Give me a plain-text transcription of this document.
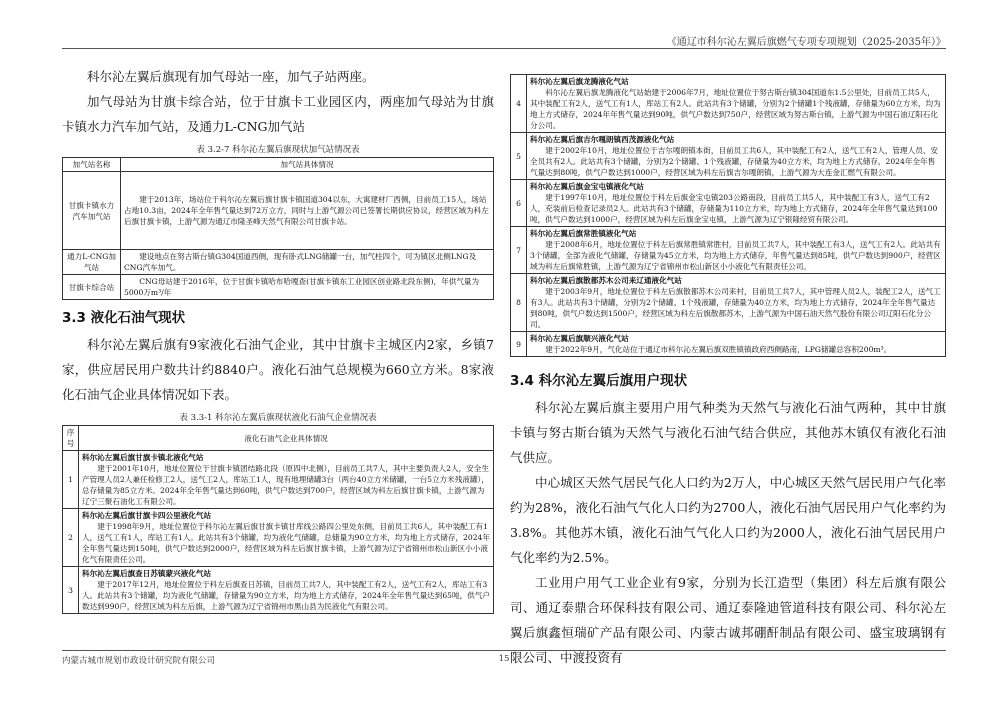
《通辽市科尔沁左翼后旗燃气专项专项规划（2025-2035年）》

科尔沁左翼后旗现有加气母站一座，加气子站两座。

加气母站为甘旗卡综合站，位于甘旗卡工业园区内，两座加气母站为甘旗卡镇水力汽车加气站，及通力L-CNG加气站

表 3.2-7 科尔沁左翼后旗现状加气站情况表
加气站名称	加气站具体情况
甘旗卡镇水力汽车加气站	建于2013年，场站位于科尔沁左翼后旗甘旗卡镇国道304以东，大寓建材厂西侧，目前员工15人，场站占地10.3亩，2024年全年售气量达到72万立方，同时与上游气源公司已签署长期供应协议，经营区域为科左后旗甘旗卡镇，上游气源为通辽市隆圣峰天然气有限公司甘旗卡站。
通力L-CNG加气站	建设地点在努古斯台镇G304国道西侧，现有卧式LNG储罐一台，加气柱四个，可为镇区北侧LNG及CNG汽车加气。
甘旗卡综合站	CNG母站建于2016年，位于甘旗卡镇哈布哈嘎查(甘旗卡镇东工业园区创业路北段东侧)，年供气量为5000万m³/年
3.3 液化石油气现状

科尔沁左翼后旗有9家液化石油气企业，其中甘旗卡主城区内2家，乡镇7家，供应居民用户数共计约8840户。液化石油气总规模为660立方米。8家液化石油气企业具体情况如下表。

表 3.3-1 科尔沁左翼后旗现状液化石油气企业情况表
序号	液化石油气企业具体情况
1	科尔沁左翼后旗甘旗卡镇北液化气站
建于2001年10月，地址位置位于甘旗卡镇团结路北段（原四中北侧），目前员工共7人，其中主要负责人2人，安全生产管理人员2人兼任检修工2人，送气工2人，库站工1人，现有地埋储罐3台（两台40立方米储罐，一台5立方米残液罐），总存储量为85立方米。2024年全年售气量达到60吨，供气户数达到700户，经营区域为科左后旗甘旗卡镇，上游气源为辽宁三聚石油化工有限公司。

2	科尔沁左翼后旗甘旗卡四公里液化气站
建于1998年9月，地址位置位于科尔沁左翼后旗甘旗卡镇甘库线公路四公里处东侧，目前员工共6人，其中装配工有1人，送气工有1人，库站工有1人。此站共有3个储罐，均为液化气储罐，总储量为90立方米，均为地上方式储存，2024年全年售气量达到150吨，供气户数达到2000户，经营区域为科左后旗甘旗卡镇，上游气源为辽宁省锦州市松山新区小小液化气有限责任公司。

3	科尔沁左翼后旗查日苏镇蒙兴液化气站
建于2017年12月，地址位置位于科左后旗查日苏镇，目前员工共7人，其中装配工有2人，送气工有2人，库站工有3人。此站共有3个储罐，均为液化气储罐，存储量为90立方米，均为地上方式储存，2024年全年售气量达到65吨，供气户数达到990户，经营区域为科左后旗，上游气源为辽宁省锦州市黑山县为民液化气有限公司。
4	科尔沁左翼后旗龙腾液化气站
科尔沁左翼后旗龙腾液化气站始建于2006年7月，地址位置位于努古斯台镇304国道东1.5公里处，目前员工共5人，其中装配工有2人，送气工有1人，库站工有2人。此站共有3个储罐，分别为2个储罐1个残液罐，存储量为60立方米，均为地上方式储存，2024年年售气量达到90吨，供气户数达到750户，经营区域为努古斯台镇，上游气源为中国石油辽阳石化分公司。

5	科尔沁左翼后旗吉尔嘎朗镇西茂源液化气站
建于2002年10月，地址位置位于吉尔嘎朗镇本街，目前员工共6人，其中装配工有2人，送气工有2人，管理人员、安全员共有2人。此站共有3个储罐，分别为2个储罐、1个残液罐，存储量为40立方米，均为地上方式储存，2024年全年售气量达到80吨，供气户数达到1000户，经营区域为科左后旗吉尔嘎朗镇，上游气源为大连金汇燃气有限公司。

6	科尔沁左翼后旗金宝屯镇液化气站
建于1997年10月，地址位置位于科左后旗金宝屯镇203公路南段，目前员工共5人，其中装配工有3人，送气工有2人，充装前后检查记录员2人。此站共有3个储罐，存储量为110立方米，均为地上方式储存，2024年全年售气量达到100吨，供气户数达到1000户，经营区域为科左后旗金宝屯镇，上游气源为辽宁银隆经贸有限公司。

7	科尔沁左翼后旗常胜镇液化气站
建于2008年6月，地址位置位于科左后旗常胜镇常胜村，目前员工共7人，其中装配工有3人，送气工有2人。此站共有3个储罐，全部为液化气储罐，存储量为45立方米，均为地上方式储存，年售气量达到85吨，供气户数达到900户，经营区域为科左后旗常胜镇，上游气源为辽宁省锦州市松山新区小小液化气有限责任公司。

8	科尔沁左翼后旗散都苏木公司来辽通液化气站
建于2003年9月，地址位置位于科左后旗散都苏木公司来村，目前员工共7人，其中管理人员2人，装配工2人，送气工有3人。此站共有3个储罐，分别为2个储罐、1个残液罐，存储量为40立方米，均为地上方式储存，2024年全年售气量达到80吨，供气户数达到1500户，经营区域为科左后旗散都苏木，上游气源为中国石油天然气股份有限公司辽阳石化分公司。

9	科尔沁左翼后旗顺兴液化气站
建于2022年9月，气化站位于通辽市科尔沁左翼后旗双胜镇镇政府西侧路南，LPG储罐总容积200m³。
3.4 科尔沁左翼后旗用户现状

科尔沁左翼后旗主要用户用气种类为天然气与液化石油气两种，其中甘旗卡镇与努古斯台镇为天然气与液化石油气结合供应，其他苏木镇仅有液化石油气供应。

中心城区天然气居民气化人口约为2万人，中心城区天然气居民用户气化率约为28%，液化石油气气化人口约为2700人，液化石油气居民用户气化率约为3.8%。其他苏木镇，液化石油气气化人口约为2000人，液化石油气居民用户气化率约为2.5%。

工业用户用气工业企业有9家，分别为长江造型（集团）科左后旗有限公司、通辽泰鼎合环保科技有限公司、通辽泰隆迪管道科技有限公司、科尔沁左翼后旗鑫恒瑞矿产品有限公司、内蒙古诚邦硼酐制品有限公司、盛宝玻璃钢有限公司、中渡投资有

内蒙古城市规划市政设计研究院有限公司	15
